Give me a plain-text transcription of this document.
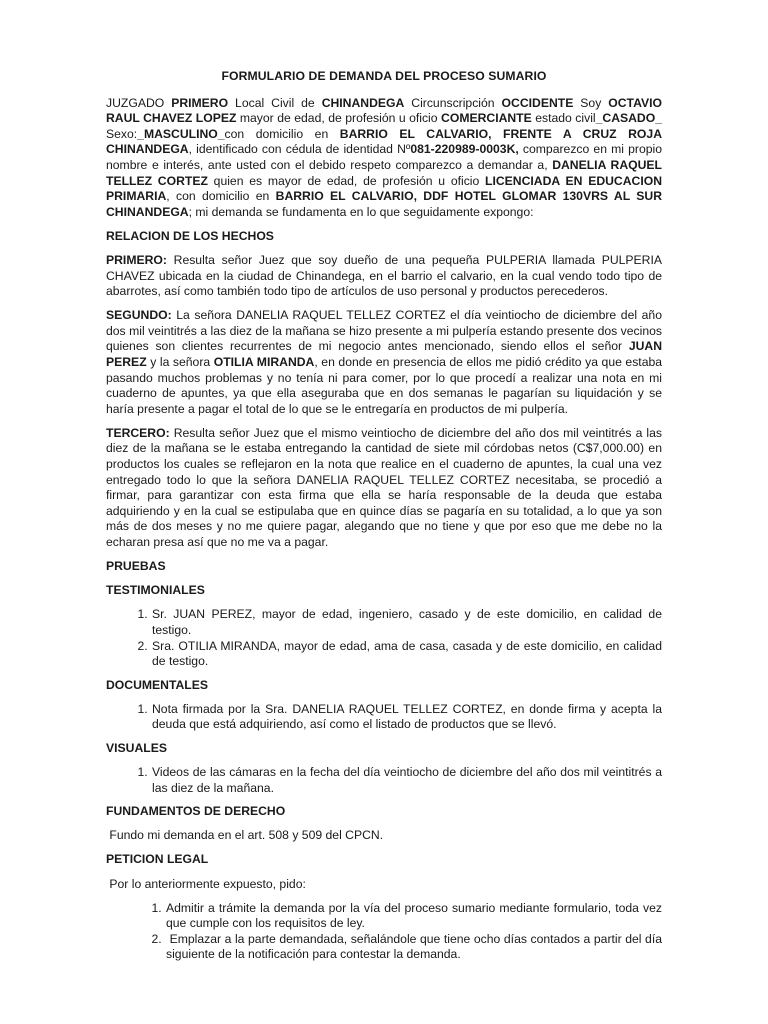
FORMULARIO DE DEMANDA DEL PROCESO SUMARIO

JUZGADO PRIMERO Local Civil de CHINANDEGA Circunscripción OCCIDENTE Soy OCTAVIO RAUL CHAVEZ LOPEZ mayor de edad, de profesión u oficio COMERCIANTE estado civil_CASADO_ Sexo:_MASCULINO_con domicilio en BARRIO EL CALVARIO, FRENTE A CRUZ ROJA CHINANDEGA, identificado con cédula de identidad Nº081-220989-0003K, comparezco en mi propio nombre e interés, ante usted con el debido respeto comparezco a demandar a, DANELIA RAQUEL TELLEZ CORTEZ quien es mayor de edad, de profesión u oficio LICENCIADA EN EDUCACION PRIMARIA, con domicilio en BARRIO EL CALVARIO, DDF HOTEL GLOMAR 130VRS AL SUR CHINANDEGA; mi demanda se fundamenta en lo que seguidamente expongo:

RELACION DE LOS HECHOS

PRIMERO: Resulta señor Juez que soy dueño de una pequeña PULPERIA llamada PULPERIA CHAVEZ ubicada en la ciudad de Chinandega, en el barrio el calvario, en la cual vendo todo tipo de abarrotes, así como también todo tipo de artículos de uso personal y productos perecederos.

SEGUNDO: La señora DANELIA RAQUEL TELLEZ CORTEZ el día veintiocho de diciembre del año dos mil veintitrés a las diez de la mañana se hizo presente a mi pulpería estando presente dos vecinos quienes son clientes recurrentes de mi negocio antes mencionado, siendo ellos el señor JUAN PEREZ y la señora OTILIA MIRANDA, en donde en presencia de ellos me pidió crédito ya que estaba pasando muchos problemas y no tenía ni para comer, por lo que procedí a realizar una nota en mi cuaderno de apuntes, ya que ella aseguraba que en dos semanas le pagarían su liquidación y se haría presente a pagar el total de lo que se le entregaría en productos de mi pulpería.

TERCERO: Resulta señor Juez que el mismo veintiocho de diciembre del año dos mil veintitrés a las diez de la mañana se le estaba entregando la cantidad de siete mil córdobas netos (C$7,000.00) en productos los cuales se reflejaron en la nota que realice en el cuaderno de apuntes, la cual una vez entregado todo lo que la señora DANELIA RAQUEL TELLEZ CORTEZ necesitaba, se procedió a firmar, para garantizar con esta firma que ella se haría responsable de la deuda que estaba adquiriendo y en la cual se estipulaba que en quince días se pagaría en su totalidad, a lo que ya son más de dos meses y no me quiere pagar, alegando que no tiene y que por eso que me debe no la echaran presa así que no me va a pagar.

PRUEBAS
TESTIMONIALES
1. Sr. JUAN PEREZ, mayor de edad, ingeniero, casado y de este domicilio, en calidad de testigo.
2. Sra. OTILIA MIRANDA, mayor de edad, ama de casa, casada y de este domicilio, en calidad de testigo.
DOCUMENTALES
1. Nota firmada por la Sra. DANELIA RAQUEL TELLEZ CORTEZ, en donde firma y acepta la deuda que está adquiriendo, así como el listado de productos que se llevó.
VISUALES
1. Videos de las cámaras en la fecha del día veintiocho de diciembre del año dos mil veintitrés a las diez de la mañana.
FUNDAMENTOS DE DERECHO

Fundo mi demanda en el art. 508 y 509 del CPCN.

PETICION LEGAL

Por lo anteriormente expuesto, pido:

1. Admitir a trámite la demanda por la vía del proceso sumario mediante formulario, toda vez que cumple con los requisitos de ley.
2.  Emplazar a la parte demandada, señalándole que tiene ocho días contados a partir del día siguiente de la notificación para contestar la demanda.
